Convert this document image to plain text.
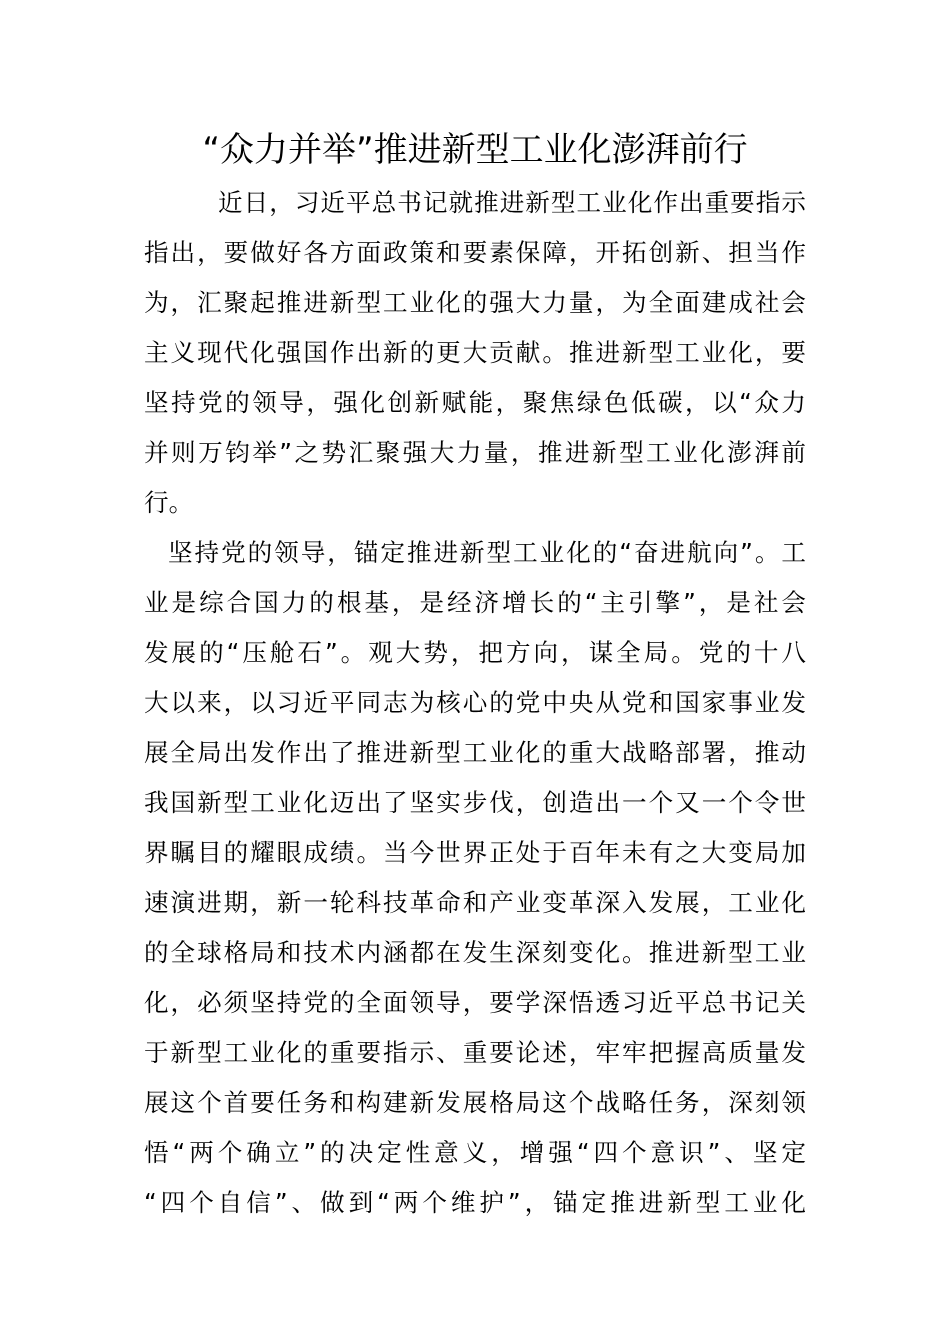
“众力并举”推进新型工业化澎湃前行
近日，习近平总书记就推进新型工业化作出重要指示
指出，要做好各方面政策和要素保障，开拓创新、担当作
为，汇聚起推进新型工业化的强大力量，为全面建成社会
主义现代化强国作出新的更大贡献。推进新型工业化，要
坚持党的领导，强化创新赋能，聚焦绿色低碳，以“众力
并则万钧举”之势汇聚强大力量，推进新型工业化澎湃前
行。
坚持党的领导，锚定推进新型工业化的“奋进航向”。工
业是综合国力的根基，是经济增长的“主引擎”，是社会
发展的“压舱石”。观大势，把方向，谋全局。党的十八
大以来，以习近平同志为核心的党中央从党和国家事业发
展全局出发作出了推进新型工业化的重大战略部署，推动
我国新型工业化迈出了坚实步伐，创造出一个又一个令世
界瞩目的耀眼成绩。当今世界正处于百年未有之大变局加
速演进期，新一轮科技革命和产业变革深入发展，工业化
的全球格局和技术内涵都在发生深刻变化。推进新型工业
化，必须坚持党的全面领导，要学深悟透习近平总书记关
于新型工业化的重要指示、重要论述，牢牢把握高质量发
展这个首要任务和构建新发展格局这个战略任务，深刻领
悟“两个确立”的决定性意义，增强“四个意识”、坚定
“四个自信”、做到“两个维护”，锚定推进新型工业化
